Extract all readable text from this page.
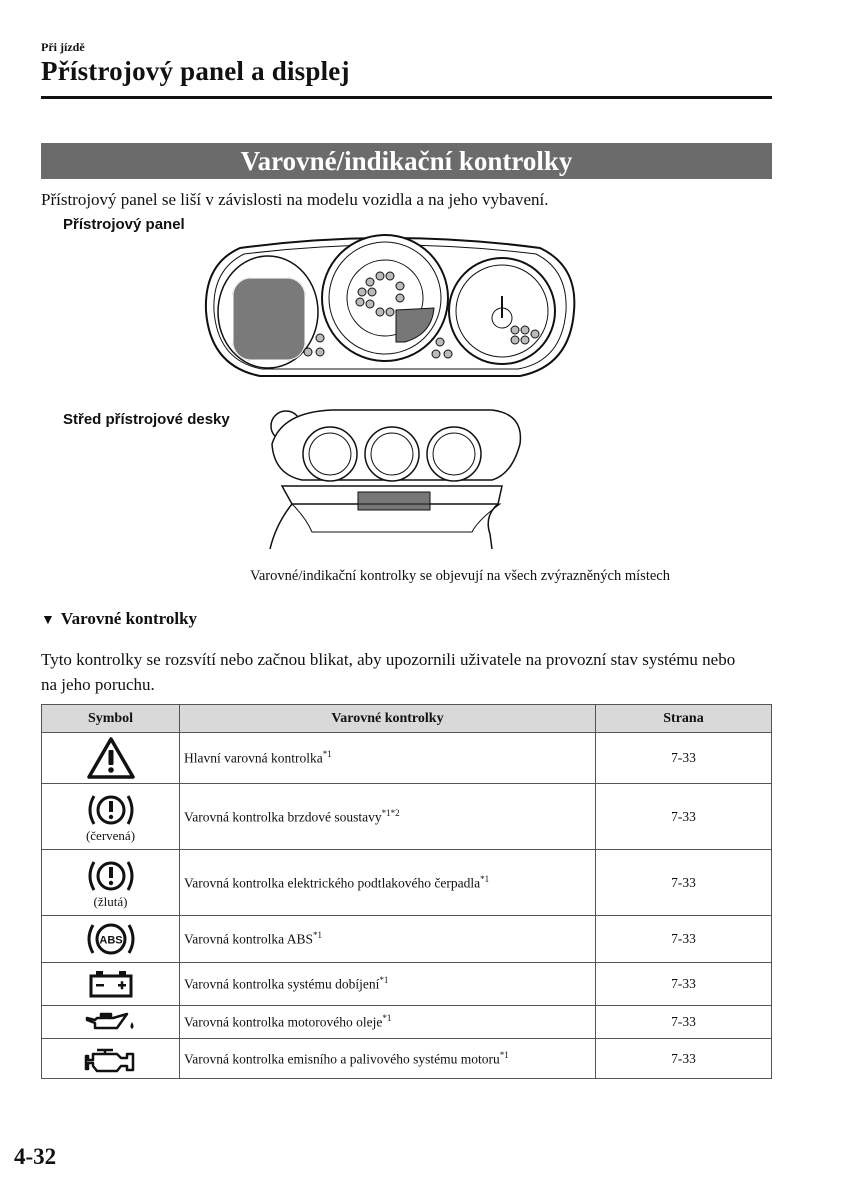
Při jízdě
Přístrojový panel a displej
Varovné/indikační kontrolky
Přístrojový panel se liší v závislosti na modelu vozidla a na jeho vybavení.
Přístrojový panel
Střed přístrojové desky
Varovné/indikační kontrolky se objevují na všech zvýrazněných místech
▼ Varovné kontrolky
Tyto kontrolky se rozsvítí nebo začnou blikat, aby upozornili uživatele na provozní stav systému nebo na jeho poruchu.
Symbol	Varovné kontrolky	Strana

	Hlavní varovná kontrolka$^{*1}$	7-33

(červená)	Varovná kontrolka brzdové soustavy$^{*1*2}$	7-33

(žlutá)	Varovná kontrolka elektrického podtlakového čerpadla$^{*1}$	7-33

ABS	Varovná kontrolka ABS$^{*1}$	7-33

	Varovná kontrolka systému dobíjení$^{*1}$	7-33

	Varovná kontrolka motorového oleje$^{*1}$	7-33

	Varovná kontrolka emisního a palivového systému motoru$^{*1}$	7-33
4-32
